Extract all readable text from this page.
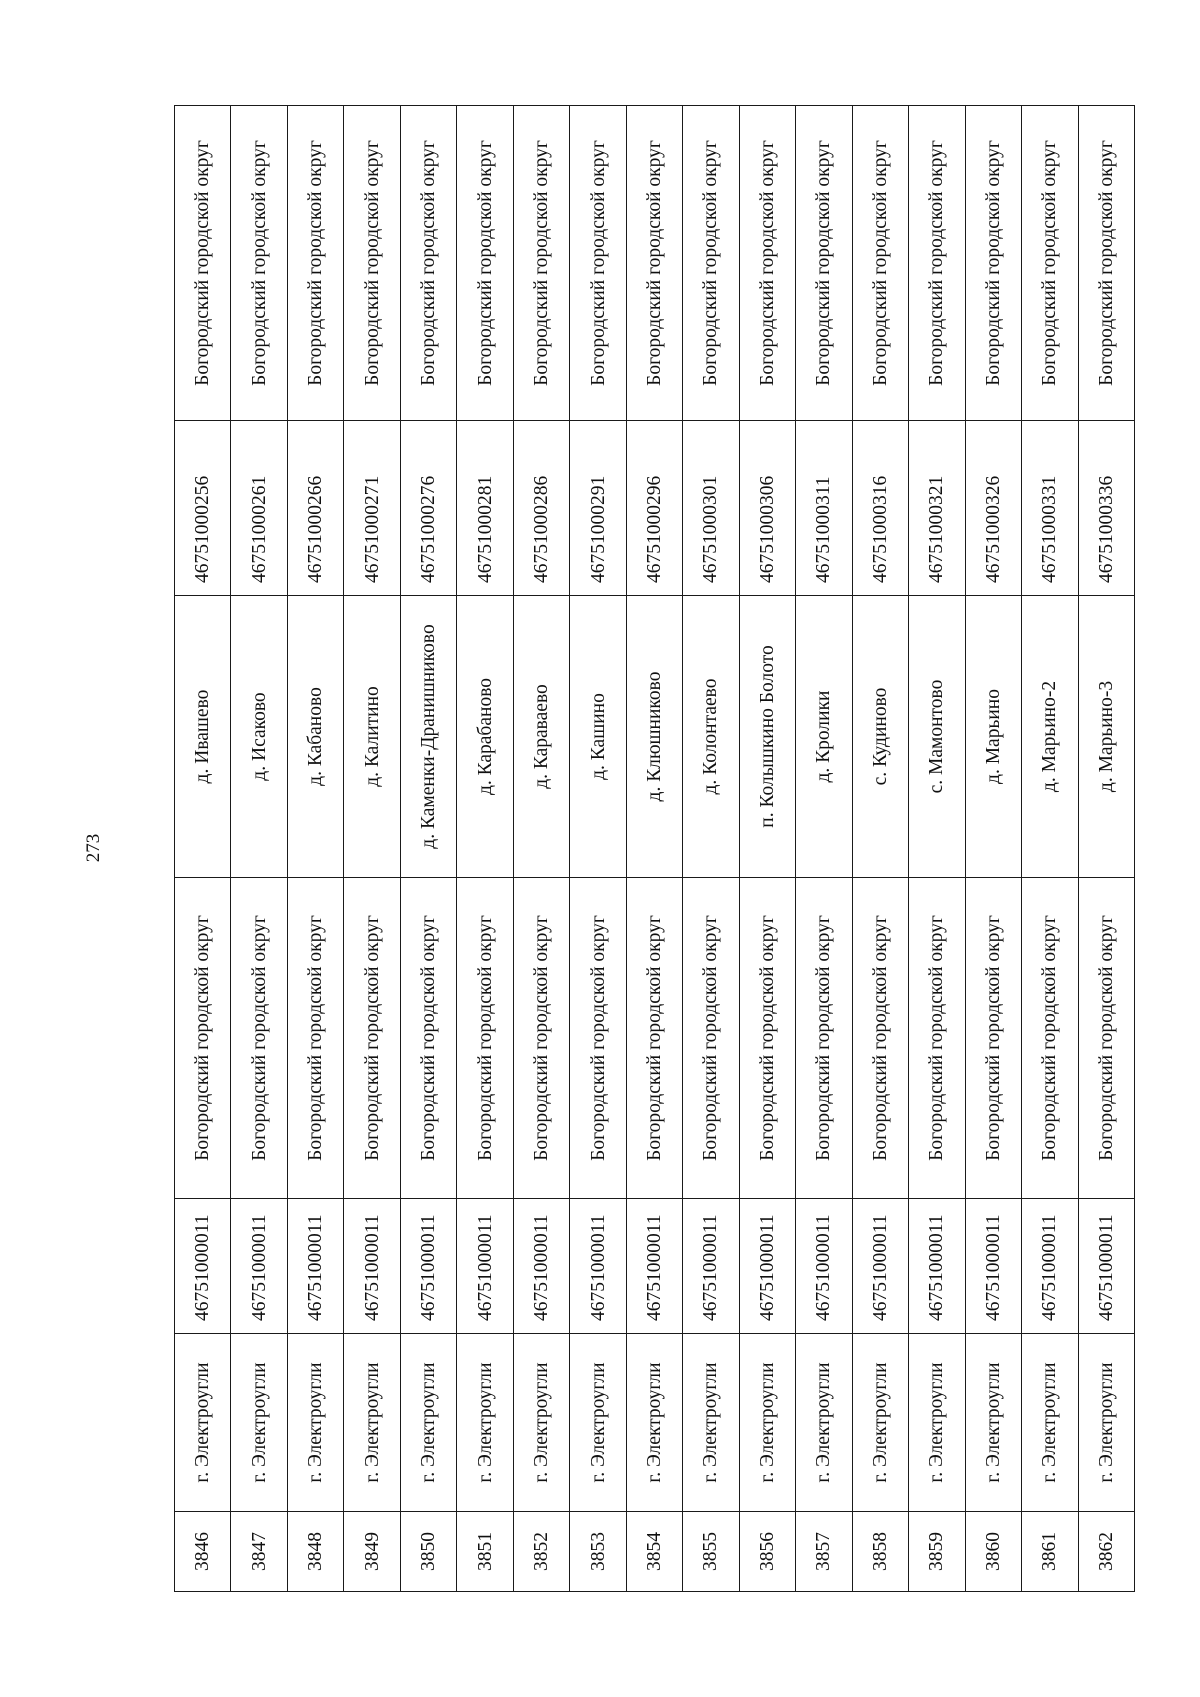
273
3846	г. Электроугли	46751000011	Богородский городской округ	д. Ивашево	46751000256	Богородский городской округ
3847	г. Электроугли	46751000011	Богородский городской округ	д. Исаково	46751000261	Богородский городской округ
3848	г. Электроугли	46751000011	Богородский городской округ	д. Кабаново	46751000266	Богородский городской округ
3849	г. Электроугли	46751000011	Богородский городской округ	д. Калитино	46751000271	Богородский городской округ
3850	г. Электроугли	46751000011	Богородский городской округ	д. Каменки-Дранишниково	46751000276	Богородский городской округ
3851	г. Электроугли	46751000011	Богородский городской округ	д. Карабаново	46751000281	Богородский городской округ
3852	г. Электроугли	46751000011	Богородский городской округ	д. Караваево	46751000286	Богородский городской округ
3853	г. Электроугли	46751000011	Богородский городской округ	д. Кашино	46751000291	Богородский городской округ
3854	г. Электроугли	46751000011	Богородский городской округ	д. Клюшниково	46751000296	Богородский городской округ
3855	г. Электроугли	46751000011	Богородский городской округ	д. Колонтаево	46751000301	Богородский городской округ
3856	г. Электроугли	46751000011	Богородский городской округ	п. Колышкино Болото	46751000306	Богородский городской округ
3857	г. Электроугли	46751000011	Богородский городской округ	д. Кролики	46751000311	Богородский городской округ
3858	г. Электроугли	46751000011	Богородский городской округ	с. Кудиново	46751000316	Богородский городской округ
3859	г. Электроугли	46751000011	Богородский городской округ	с. Мамонтово	46751000321	Богородский городской округ
3860	г. Электроугли	46751000011	Богородский городской округ	д. Марьино	46751000326	Богородский городской округ
3861	г. Электроугли	46751000011	Богородский городской округ	д. Марьино-2	46751000331	Богородский городской округ
3862	г. Электроугли	46751000011	Богородский городской округ	д. Марьино-3	46751000336	Богородский городской округ
